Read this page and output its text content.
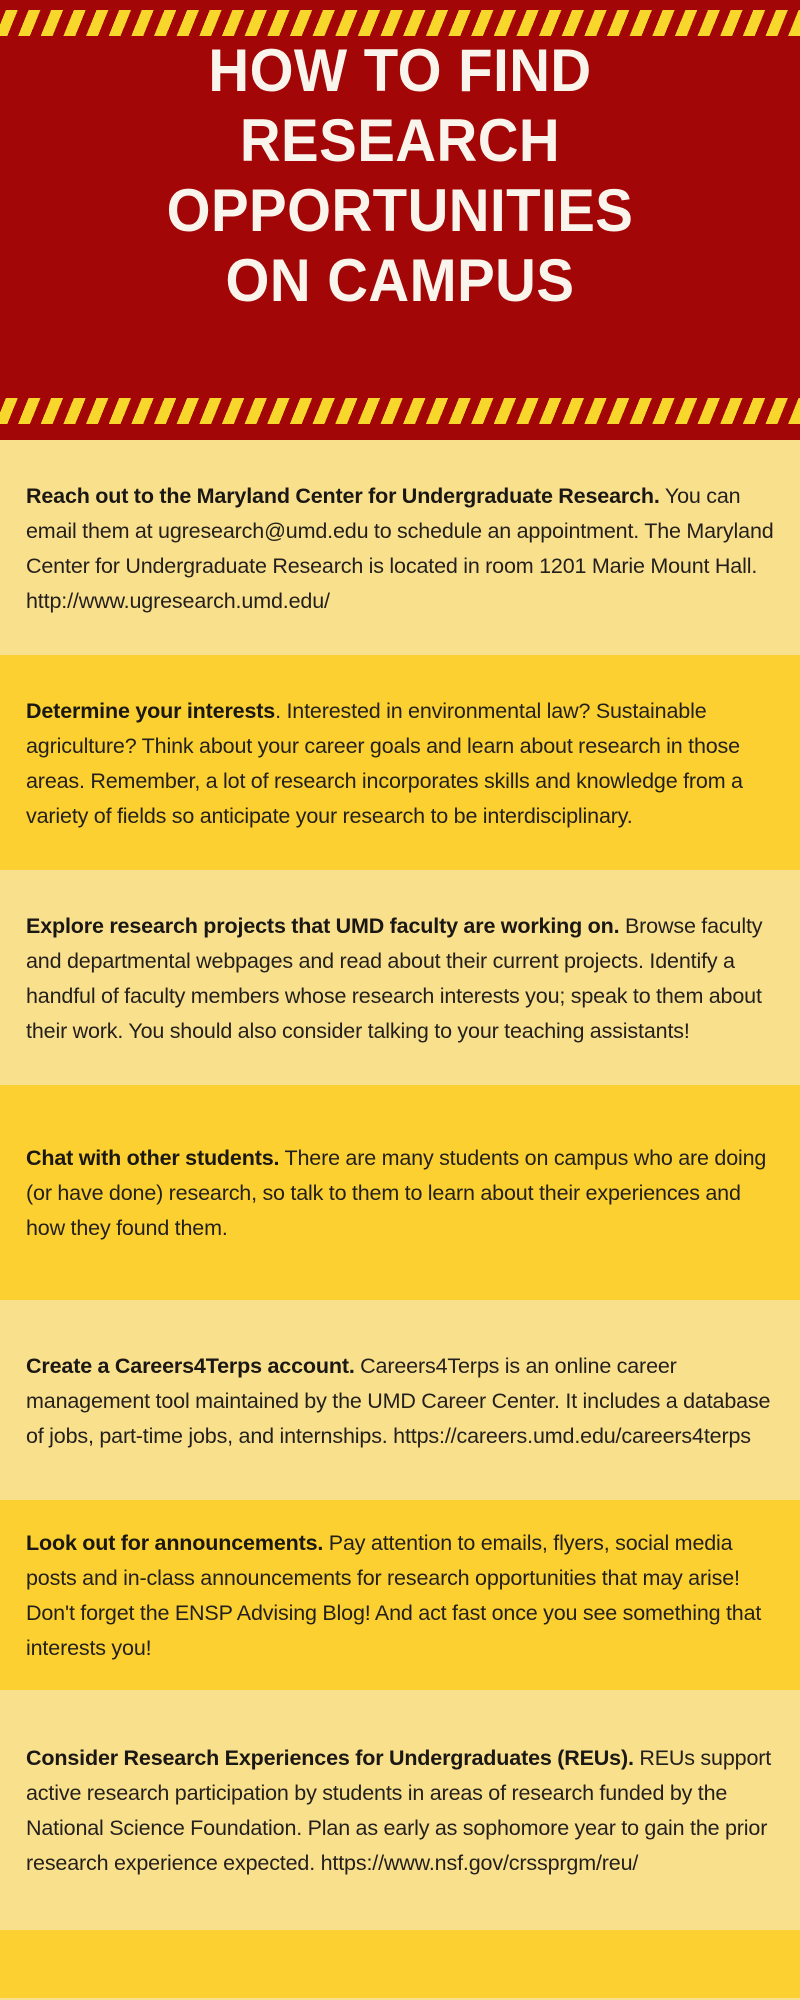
HOW TO FIND
RESEARCH
OPPORTUNITIES
ON CAMPUS

Reach out to the Maryland Center for Undergraduate Research. You can email them at ugresearch@umd.edu to schedule an appointment. The Maryland Center for Undergraduate Research is located in room 1201 Marie Mount Hall. http://www.ugresearch.umd.edu/

Determine your interests. Interested in environmental law? Sustainable agriculture? Think about your career goals and learn about research in those areas. Remember, a lot of research incorporates skills and knowledge from a variety of fields so anticipate your research to be interdisciplinary.

Explore research projects that UMD faculty are working on. Browse faculty and departmental webpages and read about their current projects. Identify a handful of faculty members whose research interests you; speak to them about their work. You should also consider talking to your teaching assistants!

Chat with other students. There are many students on campus who are doing (or have done) research, so talk to them to learn about their experiences and how they found them.

Create a Careers4Terps account. Careers4Terps is an online career management tool maintained by the UMD Career Center. It includes a database of jobs, part-time jobs, and internships. https://careers.umd.edu/careers4terps

Look out for announcements. Pay attention to emails, flyers, social media posts and in-class announcements for research opportunities that may arise! Don't forget the ENSP Advising Blog! And act fast once you see something that interests you!

Consider Research Experiences for Undergraduates (REUs). REUs support active research participation by students in areas of research funded by the National Science Foundation. Plan as early as sophomore year to gain the prior research experience expected. https://www.nsf.gov/crssprgm/reu/
